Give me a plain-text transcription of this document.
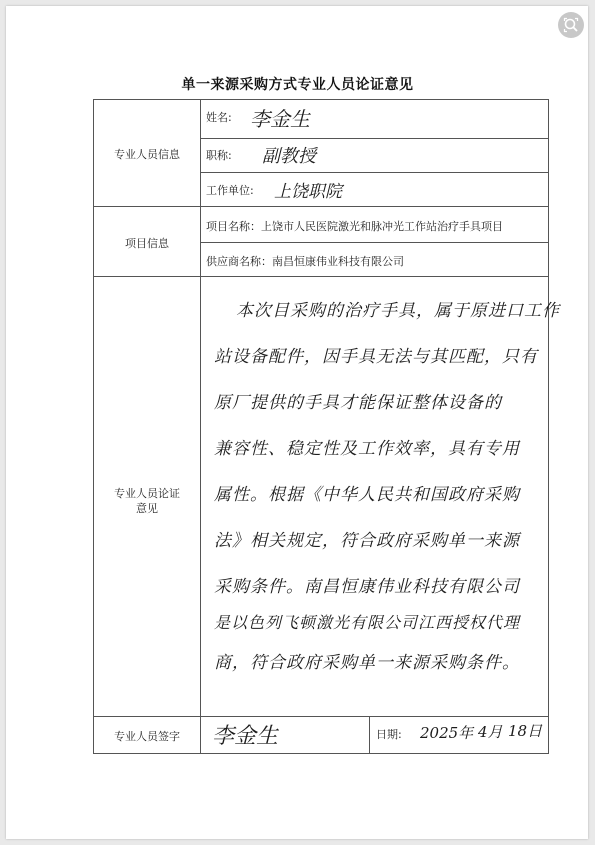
单一来源采购方式专业人员论证意见
专业人员信息
姓名: 李金生
职称: 副教授
工作单位: 上饶职院
项目信息
项目名称：上饶市人民医院激光和脉冲光工作站治疗手具项目
供应商名称：南昌恒康伟业科技有限公司
专业人员论证
意见
本次目采购的治疗手具，属于原进口工作
站设备配件，因手具无法与其匹配，只有
原厂提供的手具才能保证整体设备的
兼容性、稳定性及工作效率，具有专用
属性。根据《中华人民共和国政府采购
法》相关规定，符合政府采购单一来源
采购条件。南昌恒康伟业科技有限公司
是以色列飞顿激光有限公司江西授权代理
商，符合政府采购单一来源采购条件。
专业人员签字	李金生	日期: 2025年 4月 18日
